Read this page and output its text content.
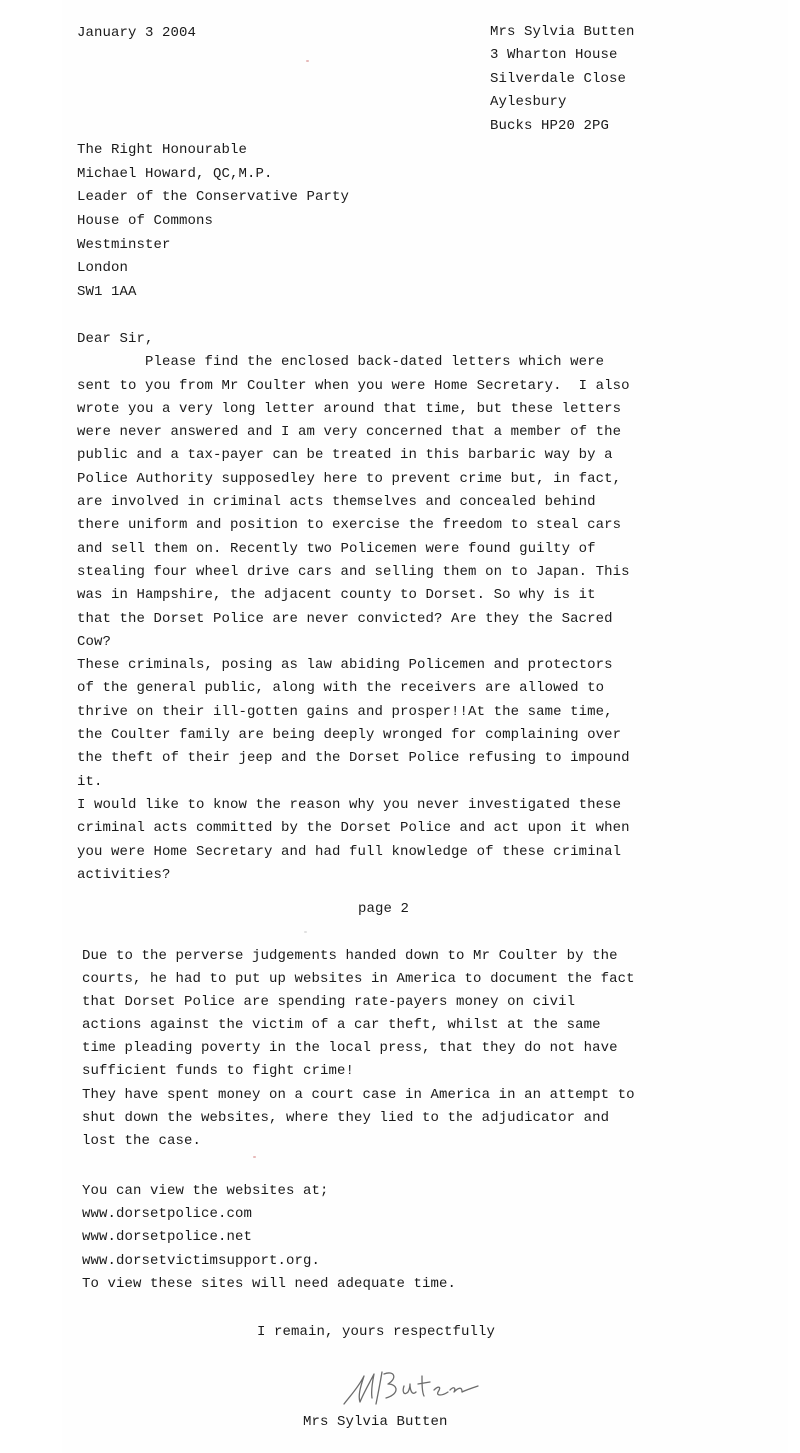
January 3 2004	Mrs Sylvia Butten
3 Wharton House
Silverdale Close
Aylesbury
Bucks HP20 2PG
The Right Honourable
Michael Howard, QC,M.P.
Leader of the Conservative Party
House of Commons
Westminster
London
SW1 1AA
Dear Sir,
Please find the enclosed back-dated letters which were
sent to you from Mr Coulter when you were Home Secretary.  I also
wrote you a very long letter around that time, but these letters
were never answered and I am very concerned that a member of the
public and a tax-payer can be treated in this barbaric way by a
Police Authority supposedley here to prevent crime but, in fact,
are involved in criminal acts themselves and concealed behind
there uniform and position to exercise the freedom to steal cars
and sell them on. Recently two Policemen were found guilty of
stealing four wheel drive cars and selling them on to Japan. This
was in Hampshire, the adjacent county to Dorset. So why is it
that the Dorset Police are never convicted? Are they the Sacred
Cow?
These criminals, posing as law abiding Policemen and protectors
of the general public, along with the receivers are allowed to
thrive on their ill-gotten gains and prosper!!At the same time,
the Coulter family are being deeply wronged for complaining over
the theft of their jeep and the Dorset Police refusing to impound
it.
I would like to know the reason why you never investigated these
criminal acts committed by the Dorset Police and act upon it when
you were Home Secretary and had full knowledge of these criminal
activities?
page 2
Due to the perverse judgements handed down to Mr Coulter by the
courts, he had to put up websites in America to document the fact
that Dorset Police are spending rate-payers money on civil
actions against the victim of a car theft, whilst at the same
time pleading poverty in the local press, that they do not have
sufficient funds to fight crime!
They have spent money on a court case in America in an attempt to
shut down the websites, where they lied to the adjudicator and
lost the case.
You can view the websites at;
www.dorsetpolice.com
www.dorsetpolice.net
www.dorsetvictimsupport.org.
To view these sites will need adequate time.
I remain, yours respectfully
Mrs Sylvia Butten
